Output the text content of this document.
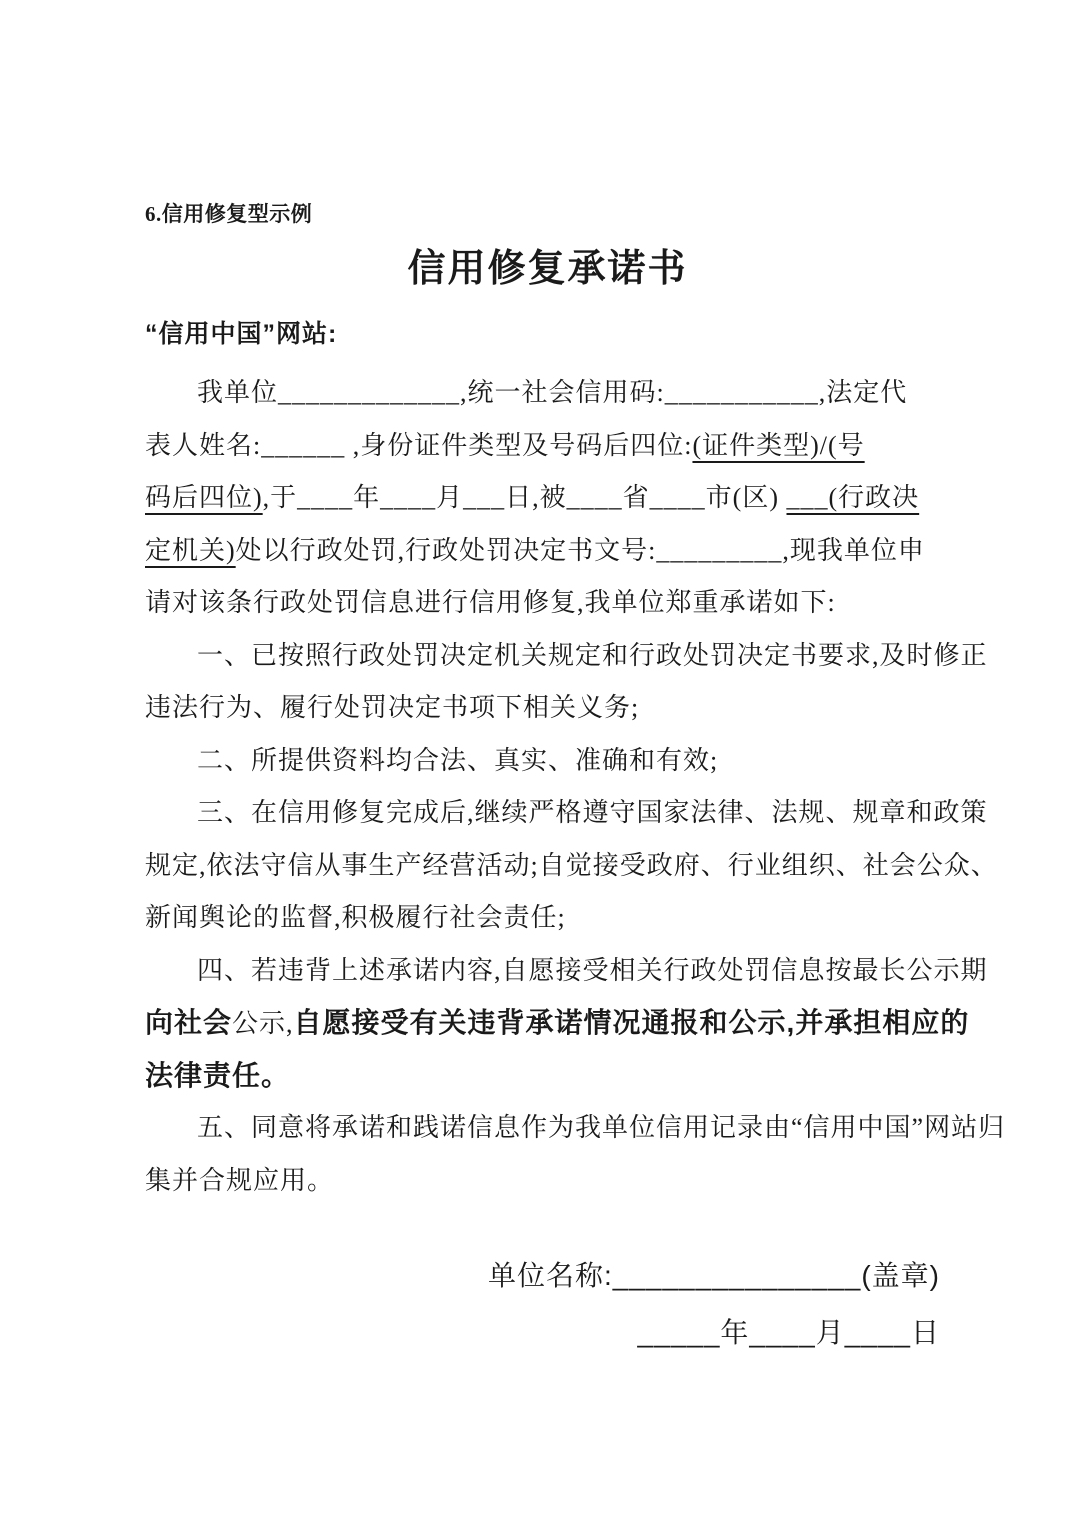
6.信用修复型示例
信用修复承诺书
“信用中国”网站:
我单位_____________,统一社会信用码:___________,法定代
表人姓名:______ ,身份证件类型及号码后四位:(证件类型)/(号
码后四位),于____年____月___日,被____省____市(区) ___(行政决
定机关)处以行政处罚,行政处罚决定书文号:_________,现我单位申
请对该条行政处罚信息进行信用修复,我单位郑重承诺如下:
一、已按照行政处罚决定机关规定和行政处罚决定书要求,及时修正
违法行为、履行处罚决定书项下相关义务;
二、所提供资料均合法、真实、准确和有效;
三、在信用修复完成后,继续严格遵守国家法律、法规、规章和政策
规定,依法守信从事生产经营活动;自觉接受政府、行业组织、社会公众、
新闻舆论的监督,积极履行社会责任;
四、若违背上述承诺内容,自愿接受相关行政处罚信息按最长公示期
向社会公示,自愿接受有关违背承诺情况通报和公示,并承担相应的
法律责任。
五、同意将承诺和践诺信息作为我单位信用记录由“信用中国”网站归
集并合规应用。
单位名称:_______________(盖章)
_____年____月____日
